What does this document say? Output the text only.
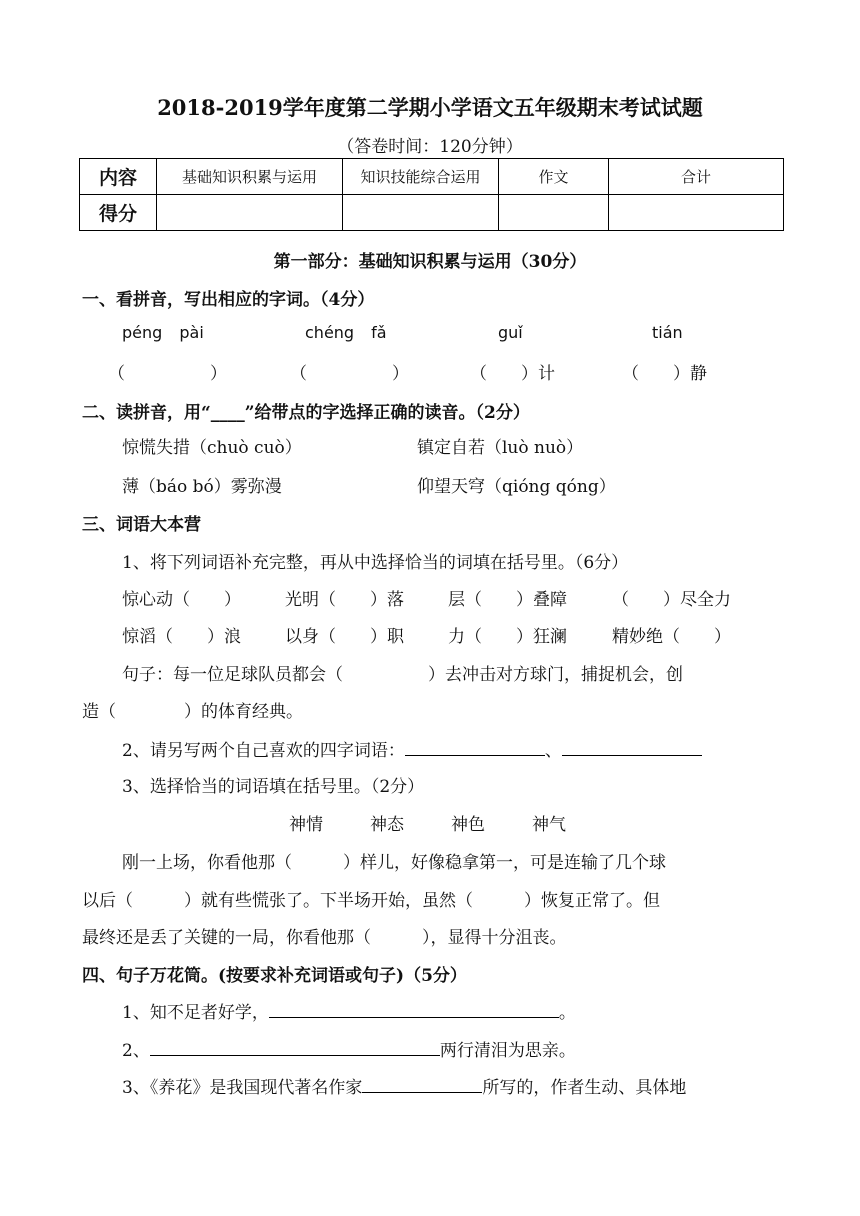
2018-2019学年度第二学期小学语文五年级期末考试试题
（答卷时间：120分钟）
内容	基础知识积累与运用	知识技能综合运用	作文	合计
得分				
第一部分：基础知识积累与运用（30分）
一、看拼音，写出相应的字词。（4分）
péng pài	chéng fǎ	guǐ	tián
（　　　　　）	（　　　　　）	（　　）计	（　　）静
二、读拼音，用“____”给带点的字选择正确的读音。（2分）
惊慌失措（chuò cuò）	镇定自若（luò nuò）
薄（báo bó）雾弥漫	仰望天穹（qióng qóng）
三、词语大本营
1、将下列词语补充完整，再从中选择恰当的词填在括号里。（6分）
惊心动（　　）	光明（　　）落	层（　　）叠障	（　　）尽全力
惊滔（　　）浪	以身（　　）职	力（　　）狂澜	精妙绝（　　）
句子：每一位足球队员都会（　　　　　）去冲击对方球门，捕捉机会，创
造（　　　　）的体育经典。
2、请另写两个自己喜欢的四字词语：	、
3、选择恰当的词语填在括号里。（2分）
神情	神态	神色	神气
刚一上场，你看他那（　　　）样儿，好像稳拿第一，可是连输了几个球
以后（　　　）就有些慌张了。下半场开始，虽然（　　　）恢复正常了。但
最终还是丢了关键的一局，你看他那（　　　），显得十分沮丧。
四、句子万花筒。(按要求补充词语或句子)（5分）
1、知不足者好学，	。
2、	两行清泪为思亲。
3、《养花》是我国现代著名作家	所写的，作者生动、具体地
